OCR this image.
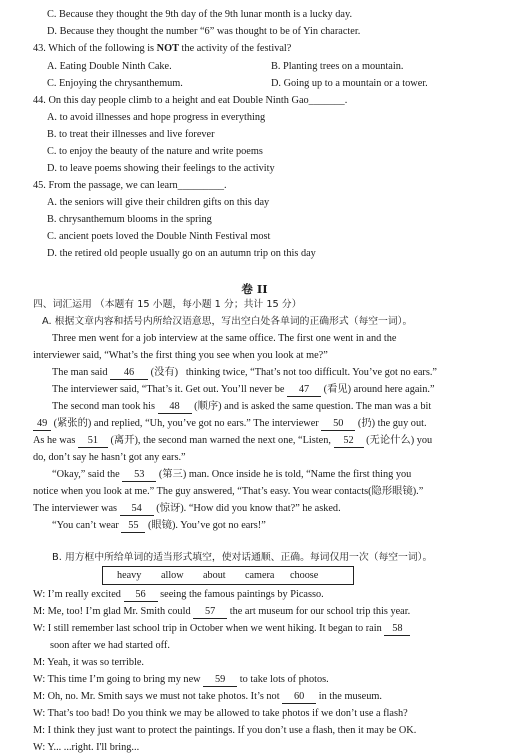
C. Because they thought the 9th day of the 9th lunar month is a lucky day.
D. Because they thought the number “6” was thought to be of Yin character.
43. Which of the following is NOT the activity of the festival?
A. Eating Double Ninth Cake.
C. Enjoying the chrysanthemum.
44. On this day people climb to a height and eat Double Ninth Gao_______.
A. to avoid illnesses and hope progress in everything
B. to treat their illnesses and live forever
C. to enjoy the beauty of the nature and write poems
D. to leave poems showing their feelings to the activity
45. From the passage, we can learn_________.
A. the seniors will give their children gifts on this day
B. chrysanthemum blooms in the spring
C. ancient poets loved the Double Ninth Festival most
D. the retired old people usually go on an autumn trip on this day
B. Planting trees on a mountain.
D. Going up to a mountain or a tower.
卷 II
四、词汇运用 （本题有 15 小题，每小题 1 分；共计 15 分）
A. 根据文章内容和括号内所给汉语意思，写出空白处各单词的正确形式（每空一词）。
Three men went for a job interview at the same office. The first one went in and the
interviewer said, “What’s the first thing you see when you look at me?”
The man said 46 (没有)   thinking twice, “That’s not too difficult. You’ve got no ears.”
The interviewer said, “That’s it. Get out. You’ll never be 47 (看见) around here again.”
The second man took his 48 (顺序) and is asked the same question. The man was a bit
49 (紧张的) and replied, “Uh, you’ve got no ears.” The interviewer 50 (扔) the guy out.
As he was 51 (离开), the second man warned the next one, “Listen, 52 (无论什么) you
do, don’t say he hasn’t got any ears.”
“Okay,” said the 53 (第三) man. Once inside he is told, “Name the first thing you
notice when you look at me.” The guy answered, “That’s easy. You wear contacts(隐形眼镜).”
The interviewer was 54 (惊讶). “How did you know that?” he asked.
“You can’t wear 55 (眼镜). You’ve got no ears!”
B. 用方框中所给单词的适当形式填空，使对话通顺、正确。每词仅用一次（每空一词）。
heavy allow about camera choose
W: I’m really excited 56 seeing the famous paintings by Picasso.
M: Me, too! I’m glad Mr. Smith could 57 the art museum for our school trip this year.
W: I still remember last school trip in October when we went hiking. It began to rain 58
soon after we had started off.
M: Yeah, it was so terrible.
W: This time I’m going to bring my new 59 to take lots of photos.
M: Oh, no. Mr. Smith says we must not take photos. It’s not 60 in the museum.
W: That’s too bad! Do you think we may be allowed to take photos if we don’t use a flash?
M: I think they just want to protect the paintings. If you don’t use a flash, then it may be OK.
W: Y... ...right. I'll bring...
